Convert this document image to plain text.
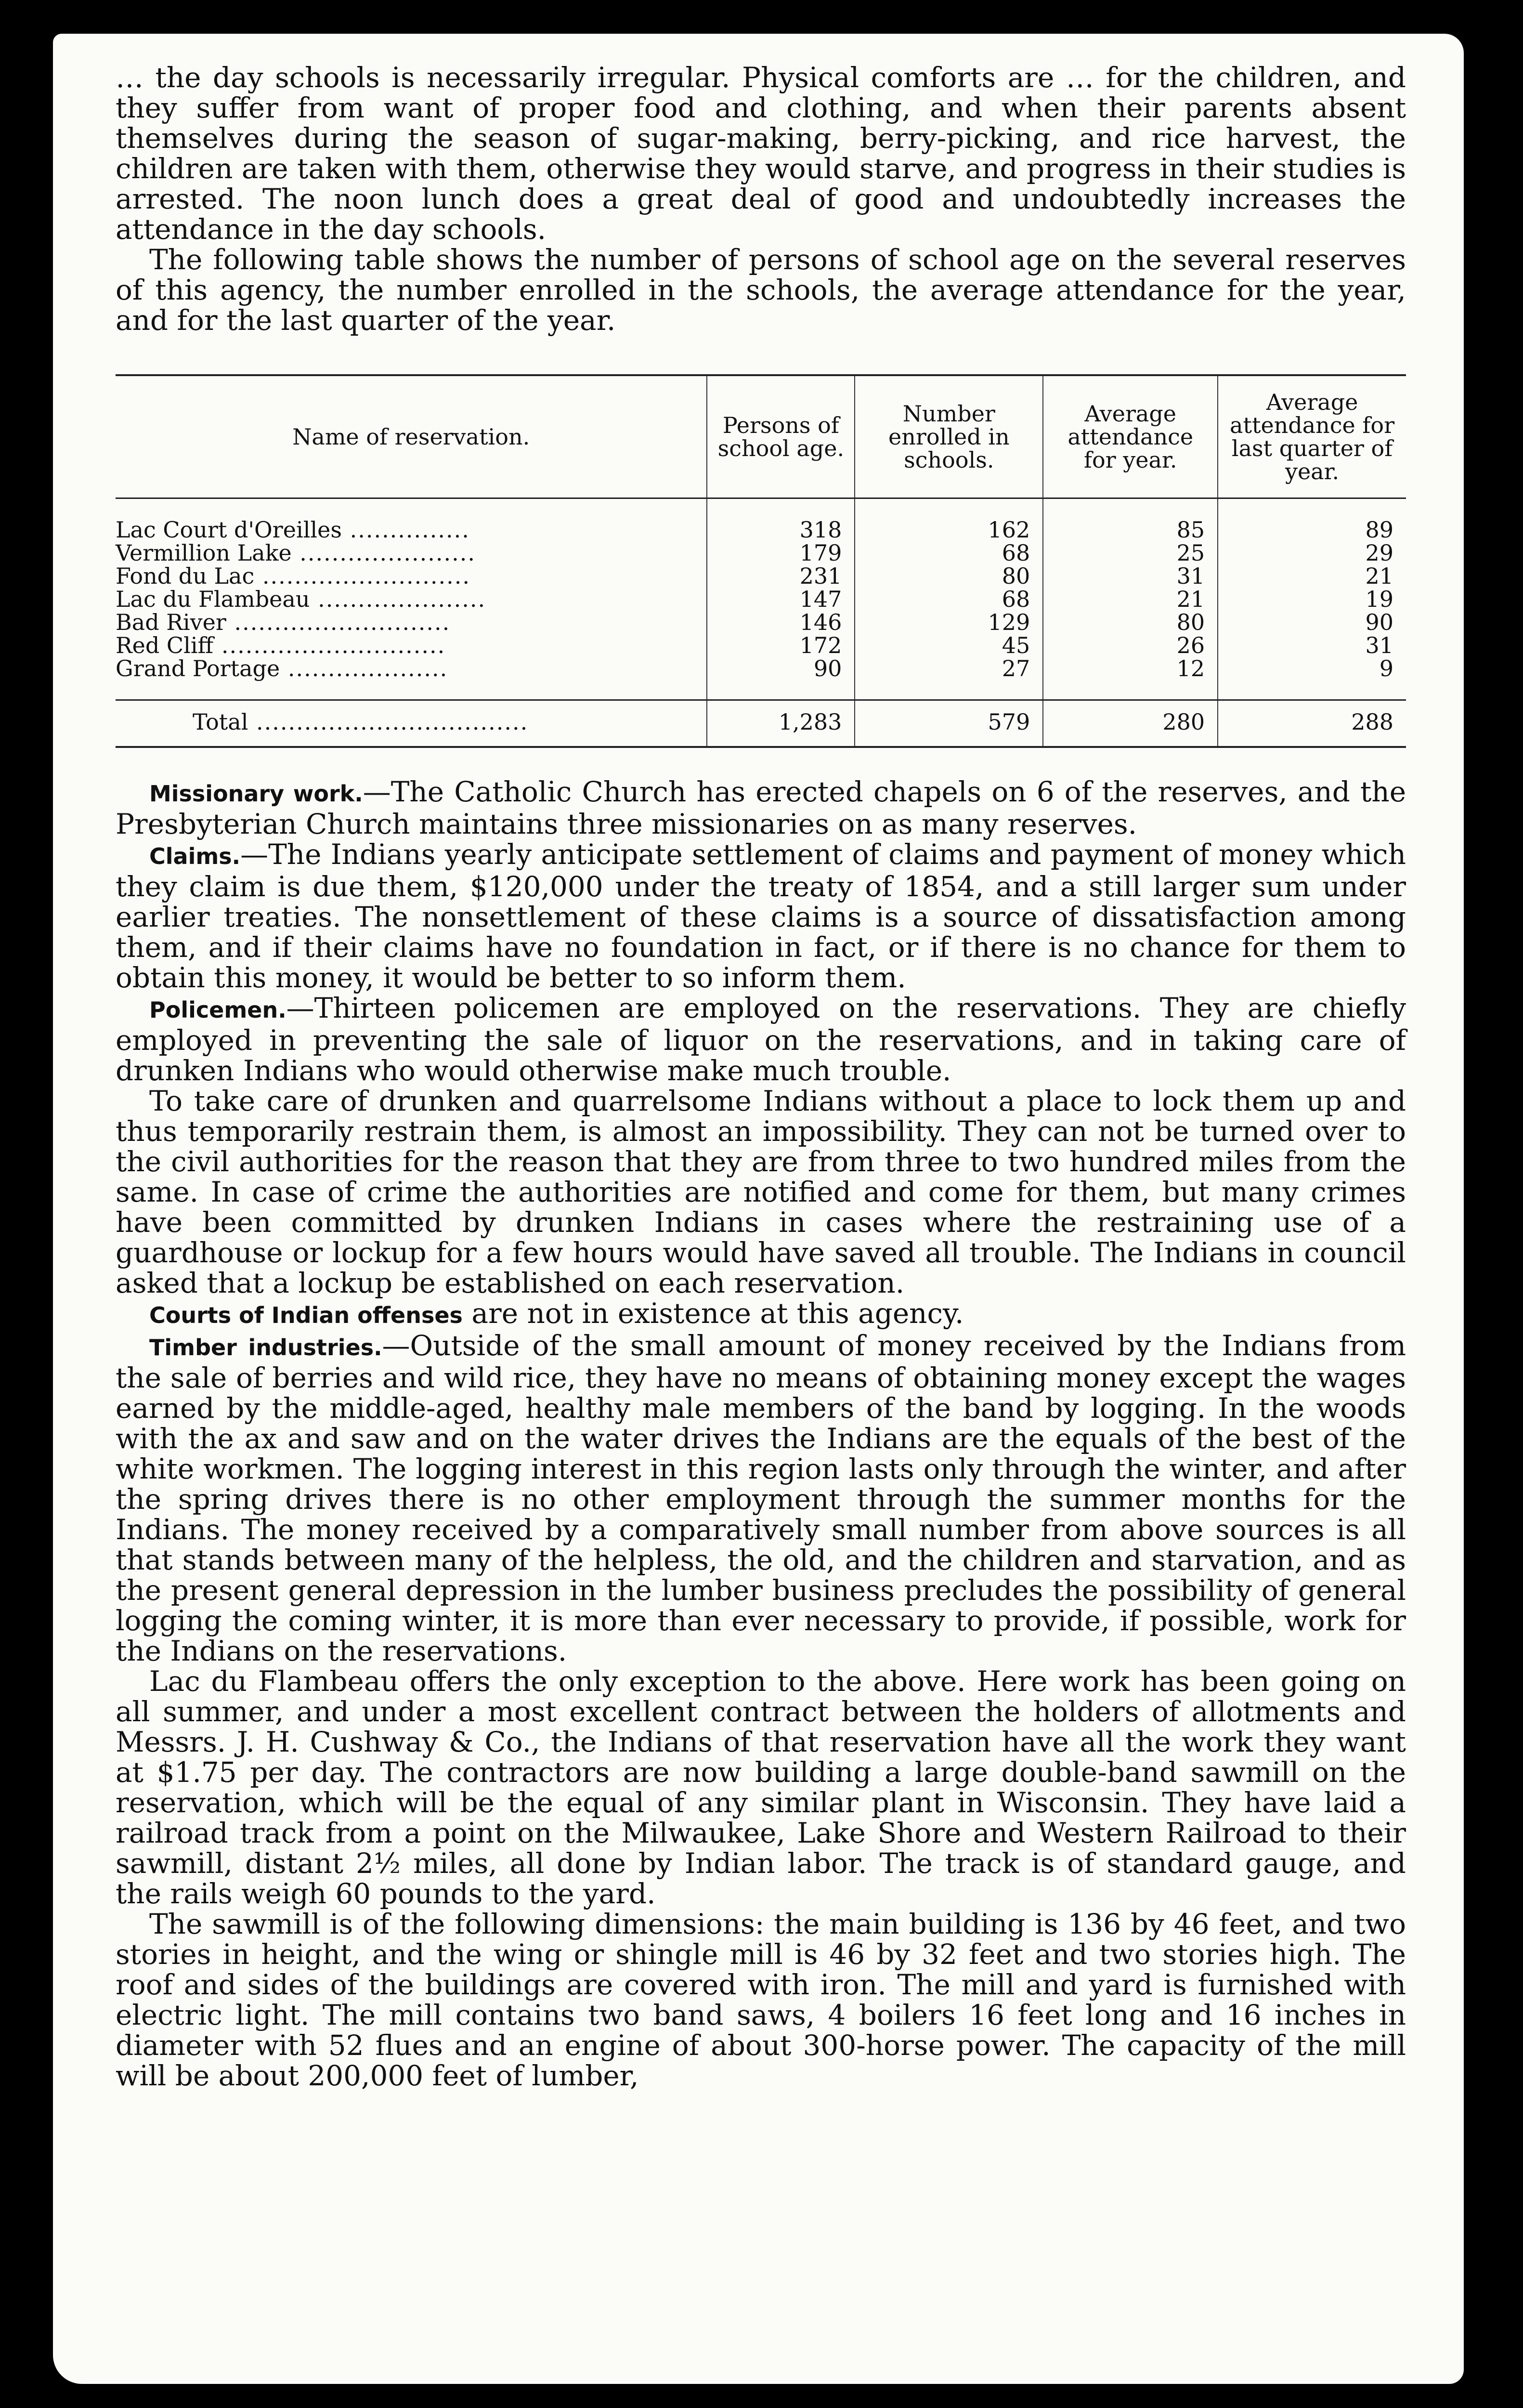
… the day schools is necessarily irregular. Physical comforts are … for the children, and they suffer from want of proper food and clothing, and when their parents absent themselves during the season of sugar-making, berry-picking, and rice harvest, the children are taken with them, otherwise they would starve, and progress in their studies is arrested. The noon lunch does a great deal of good and undoubtedly increases the attendance in the day schools.

The following table shows the number of persons of school age on the several reserves of this agency, the number enrolled in the schools, the average attendance for the year, and for the last quarter of the year.

Name of reservation.	Persons of school age.	Number enrolled in schools.	Average attendance for year.	Average attendance for last quarter of year.
Lac Court d'Oreilles ...............	318	162	85	89
Vermillion Lake ......................	179	68	25	29
Fond du Lac ..........................	231	80	31	21
Lac du Flambeau .....................	147	68	21	19
Bad River ...........................	146	129	80	90
Red Cliff ............................	172	45	26	31
Grand Portage ....................	90	27	12	9
Total ..................................	1,283	579	280	288

Missionary work.—The Catholic Church has erected chapels on 6 of the reserves, and the Presbyterian Church maintains three missionaries on as many reserves.

Claims.—The Indians yearly anticipate settlement of claims and payment of money which they claim is due them, $120,000 under the treaty of 1854, and a still larger sum under earlier treaties. The nonsettlement of these claims is a source of dissatisfaction among them, and if their claims have no foundation in fact, or if there is no chance for them to obtain this money, it would be better to so inform them.

Policemen.—Thirteen policemen are employed on the reservations. They are chiefly employed in preventing the sale of liquor on the reservations, and in taking care of drunken Indians who would otherwise make much trouble.

To take care of drunken and quarrelsome Indians without a place to lock them up and thus temporarily restrain them, is almost an impossibility. They can not be turned over to the civil authorities for the reason that they are from three to two hundred miles from the same. In case of crime the authorities are notified and come for them, but many crimes have been committed by drunken Indians in cases where the restraining use of a guardhouse or lockup for a few hours would have saved all trouble. The Indians in council asked that a lockup be established on each reservation.

Courts of Indian offenses are not in existence at this agency.

Timber industries.—Outside of the small amount of money received by the Indians from the sale of berries and wild rice, they have no means of obtaining money except the wages earned by the middle-aged, healthy male members of the band by logging. In the woods with the ax and saw and on the water drives the Indians are the equals of the best of the white workmen. The logging interest in this region lasts only through the winter, and after the spring drives there is no other employment through the summer months for the Indians. The money received by a comparatively small number from above sources is all that stands between many of the helpless, the old, and the children and starvation, and as the present general depression in the lumber business precludes the possibility of general logging the coming winter, it is more than ever necessary to provide, if possible, work for the Indians on the reservations.

Lac du Flambeau offers the only exception to the above. Here work has been going on all summer, and under a most excellent contract between the holders of allotments and Messrs. J. H. Cushway & Co., the Indians of that reservation have all the work they want at $1.75 per day. The contractors are now building a large double-band sawmill on the reservation, which will be the equal of any similar plant in Wisconsin. They have laid a railroad track from a point on the Milwaukee, Lake Shore and Western Railroad to their sawmill, distant 2½ miles, all done by Indian labor. The track is of standard gauge, and the rails weigh 60 pounds to the yard.

The sawmill is of the following dimensions: the main building is 136 by 46 feet, and two stories in height, and the wing or shingle mill is 46 by 32 feet and two stories high. The roof and sides of the buildings are covered with iron. The mill and yard is furnished with electric light. The mill contains two band saws, 4 boilers 16 feet long and 16 inches in diameter with 52 flues and an engine of about 300-horse power. The capacity of the mill will be about 200,000 feet of lumber,
